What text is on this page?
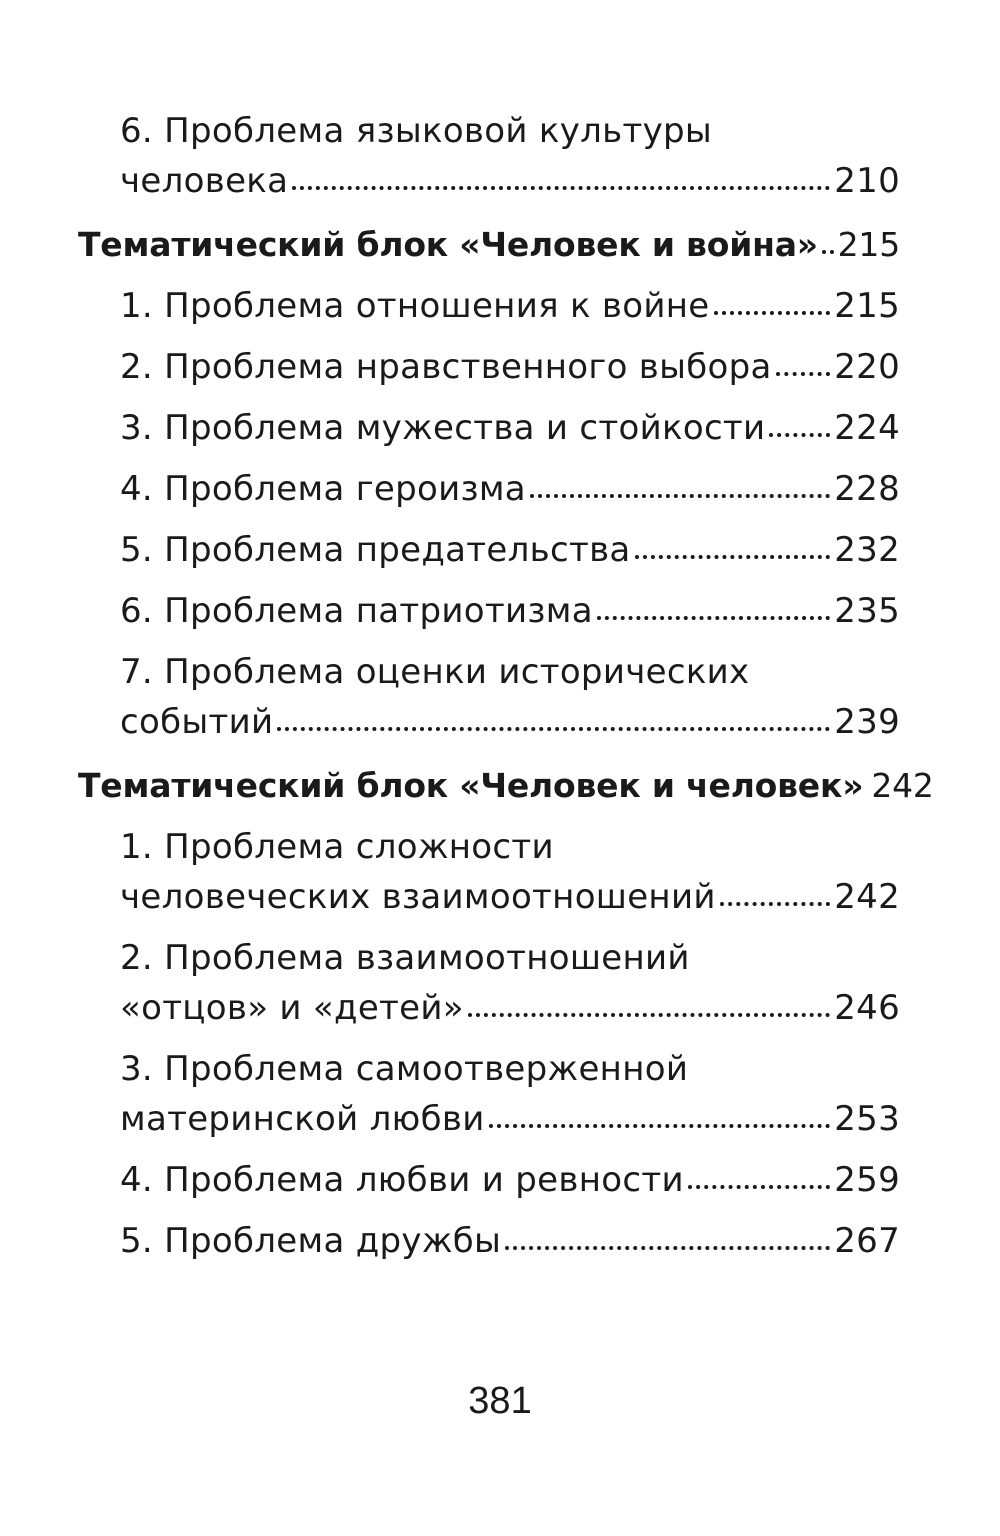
6. Проблема языковой культуры
человека	210
Тематический блок «Человек и война» 215
1. Проблема отношения к войне	215
2. Проблема нравственного выбора 220
3. Проблема мужества и стойкости 224
4. Проблема героизма	228
5. Проблема предательства	232
6. Проблема патриотизма	235
7. Проблема оценки исторических
событий	239
Тематический блок «Человек и человек» 242
1. Проблема сложности
человеческих взаимоотношений	242
2. Проблема взаимоотношений
«отцов» и «детей»	246
3. Проблема самоотверженной
материнской любви	253
4. Проблема любви и ревности	259
5. Проблема дружбы	267
381
